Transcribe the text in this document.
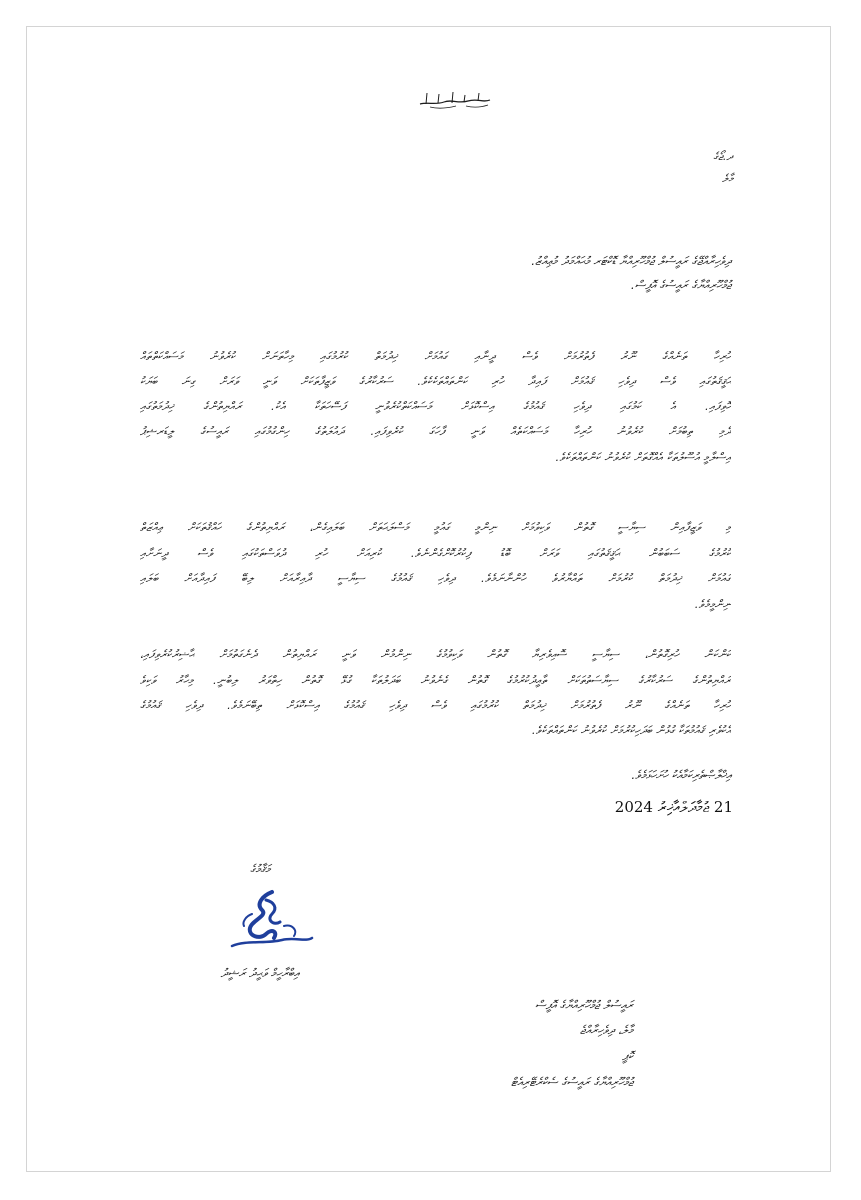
ދ.ޖޯގެ
މާލެ
ދިވެހިރާއްޖޭގެ ރައީސުލް ޖުމްހޫރިއްޔާ ޑޮކްޓަރ މުޙައްމަދު މުޢިއްޒު.
ޖުމްހޫރިއްޔާގެ ރައީސުގެ އޮފީސް.
ހުރިހާ ތަނެއްގެ ނޫރު ފެތުރުމަށް ވެސް ދީނާއި ގައުމަށް ޚިދުމަތް ކުރުމުގައި މިހާތަނަށް ކުރެވުނު މަސައްކަތްތައް
ޙަޤީޤަތުގައި ވެސް ދިވެހި ޤައުމަށް ފައިދާ ހުރި ކަންތައްތަކެކެވެ. ސަރުކާރުގެ ވަޒީފާތަކަށް ވަނީ ވަރަށް ގިނަ ބަޔަކު
ހޮވިފައި. އެ ކަމުގައި ދިވެހި ޤައުމުގެ އިސްކޮޅަށް މަސައްކަތްކުރެވުނީ ފަސޭހަތަކާ އެކު. ރައްޔިތުންގެ ޚިދުމަތުގައި
ދެމި ތިބުމަށް ކުރެވުނު ހުރިހާ މަސައްކަތެއް ވަނީ ފާހަގަ ކުރެވިފައި. ދައުލަތުގެ ހިންގުމުގައި ރައީސުގެ ލީޑަރޝިޕު
އިސްލާމީ އުސޫލުތަކާ އެއްގޮތަށް ކުރެވުނު ކަންތައްތަކެވެ.
މި ވަޒީފާއިން ސިޔާސީ ގޮތުން ވަކިވުމަށް ނިންމީ ގައުމީ މަސްލަޙަތަށް ބަލައިގެން، ރައްޔިތުންގެ ހައްޤުތަކަށް ޢިއްޒަތް
ކުރުމުގެ ސަބަބުން ޙަޤީޤަތުގައި ވަރަށް ބޮޑު ފިކުރުކޮށްގެންނެވެ. ކުރިއަށް ހުރި ދުވަސްތަކުގައި ވެސް ދީނަށާއި
ގައުމަށް ޚިދުމަތް ކުރުމަށް ތައްޔާރުވެ ހުންނާނަމެވެ. ދިވެހި ޤައުމުގެ ސިޔާސީ ދާއިރާއަށް ލިބޭ ފައިދާއަށް ބަލައި
ނިންމީމެވެ.
ކަންކަން ހުރިގޮތުން، ސިޔާސީ ސޮއިވެރިޔާ ގޮތުން ވަކިވުމުގެ ނިންމުން ވަނީ ރައްޔިތުން ދެނެގަތުމަށް ޙާޟިރުކުރެވިފައި،
ރައްޔިތުންގެ ސަރުކާރުގެ ސިޔާސަތުތަކަށް ތާއީދުކުރުމުގެ ގޮތުން ގެނެވުނު ބަދަލުތަކާ ގުޅޭ ގޮތުން ހިތްވަރު ލިބުނީ. މިހާރު ވަކިވެ
ހުރިހާ ތަނެއްގެ ނޫރު ފެތުރުމަށް ޚިދުމަތް ކުރުމުގައި ވެސް ދިވެހި ޤައުމުގެ އިސްކޮޅަށް ތިބޭނަމެވެ. ދިވެހި ޤައުމުގެ
އެކުވެރި ޤައުމުތަކާ ގުޅުން ބަދަހިކުރުމަށް ކުރެވުނު ކަންތައްތަކެވެ.
އިޚްލާޞްތެރިކަމާއެކު ހުށަހަޅަމެވެ.
21 ޖުމާދަލްއާޚިރު 2024
މަޤާމުގެ
އިބްރާހީމް ވަޙީދު ރަޝީދު
ރައީސުލް ޖުމްހޫރިއްޔާގެ އޮފީސް
މާލެ، ދިވެހިރާއްޖެ
ކޮޕީ
ޖުމްހޫރިއްޔާގެ ރައީސުގެ ސެކްރެޓޭރިއެޓް
